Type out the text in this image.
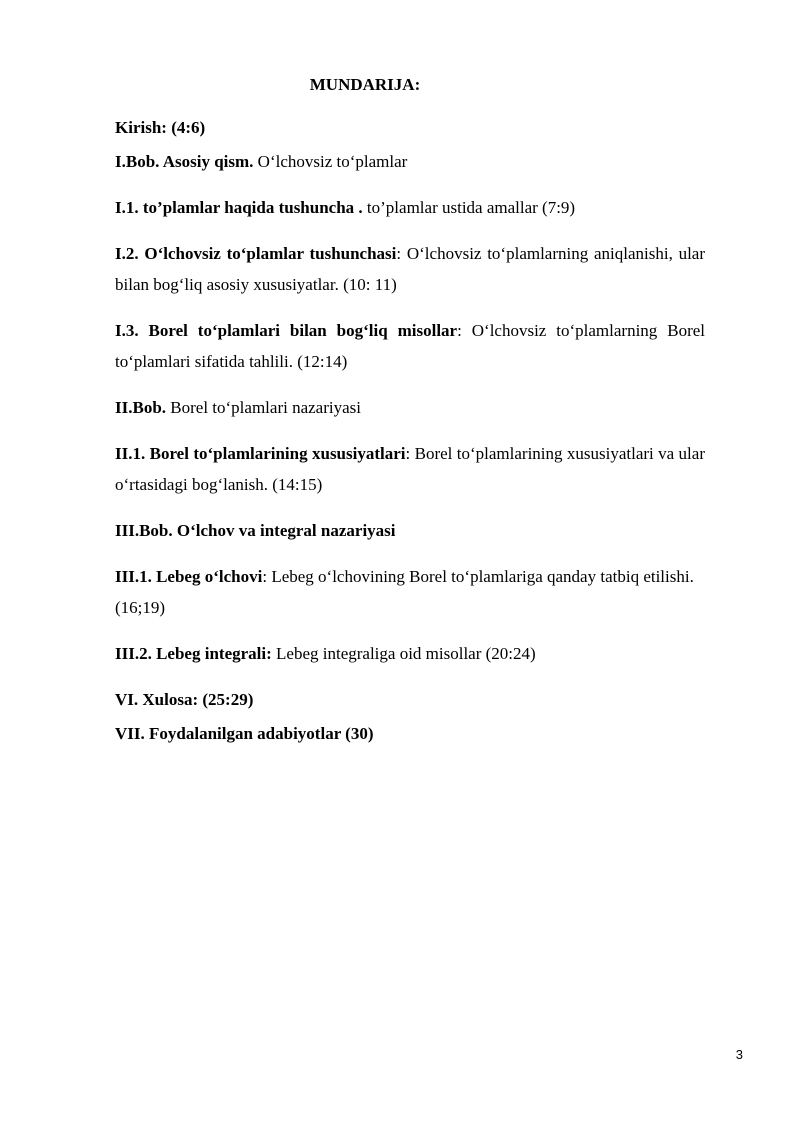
MUNDARIJA:

Kirish: (4:6)

I.Bob. Asosiy qism. O‘lchovsiz to‘plamlar

I.1. to’plamlar haqida tushuncha . to’plamlar ustida amallar (7:9)

I.2. O‘lchovsiz to‘plamlar tushunchasi: O‘lchovsiz to‘plamlarning aniqlanishi, ular bilan bog‘liq asosiy xususiyatlar. (10: 11)

I.3. Borel to‘plamlari bilan bog‘liq misollar: O‘lchovsiz to‘plamlarning Borel to‘plamlari sifatida tahlili. (12:14)

II.Bob. Borel to‘plamlari nazariyasi

II.1. Borel to‘plamlarining xususiyatlari: Borel to‘plamlarining xususiyatlari va ular o‘rtasidagi bog‘lanish. (14:15)

III.Bob. O‘lchov va integral nazariyasi

III.1. Lebeg o‘lchovi: Lebeg o‘lchovining Borel to‘plamlariga qanday tatbiq etilishi. (16;19)

III.2. Lebeg integrali: Lebeg integraliga oid misollar (20:24)

VI. Xulosa: (25:29)

VII. Foydalanilgan adabiyotlar (30)

3
